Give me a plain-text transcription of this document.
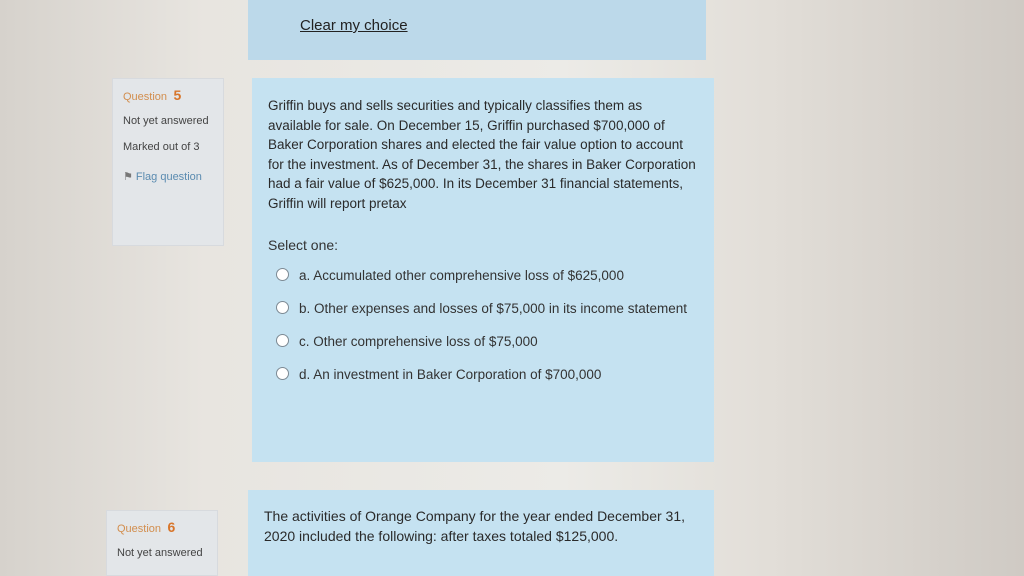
Clear my choice
Question 5
Not yet answered
Marked out of 3
⚑ Flag question
Griffin buys and sells securities and typically classifies them as available for sale. On December 15, Griffin purchased $700,000 of Baker Corporation shares and elected the fair value option to account for the investment. As of December 31, the shares in Baker Corporation had a fair value of $625,000. In its December 31 financial statements, Griffin will report pretax
Select one:
a. Accumulated other comprehensive loss of $625,000
b. Other expenses and losses of $75,000 in its income statement
c. Other comprehensive loss of $75,000
d. An investment in Baker Corporation of $700,000
Question 6
Not yet answered
The activities of Orange Company for the year ended December 31, 2020 included the following: after taxes totaled $125,000.
